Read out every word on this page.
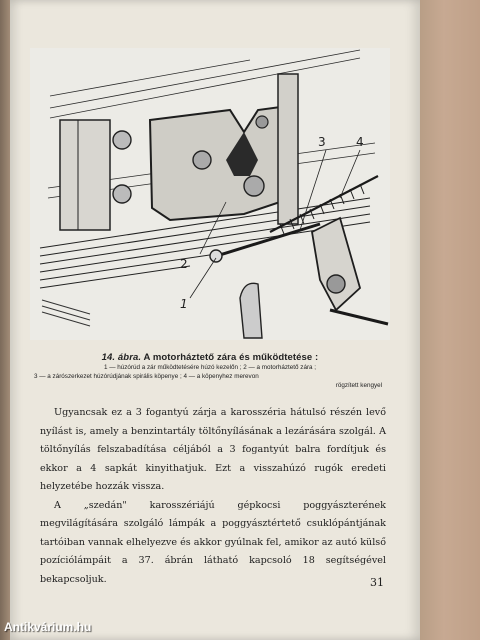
2
1
3	4
14. ábra. A motorháztető zára és működtetése :
1 — húzórúd a zár működtetésére húzó kezelőn ; 2 — a motorháztető zára ;
3 — a zárószerkezet húzórúdjának spirális köpenye ; 4 — a köpenyhez merevon
rögzített kengyel

Ugyancsak ez a 3 fogantyú zárja a karosszéria hátulsó részén levő nyílást is, amely a benzintartály töltőnyílásának a lezárására szolgál. A töltőnyílás felszabadítása céljából a 3 fogantyút balra fordítjuk és ekkor a 4 sapkát kinyithatjuk. Ezt a visszahúzó rugók eredeti helyzetébe hozzák vissza.

A „szedán" karosszériájú gépkocsi poggyászterének megvilágítására szolgáló lámpák a poggyásztértető csuklópántjának tartóiban vannak elhelyezve és akkor gyúlnak fel, amikor az autó külső pozíciólámpáit a 37. ábrán látható kapcsoló 18 segítségével bekapcsoljuk.	31
Antikvárium.hu
